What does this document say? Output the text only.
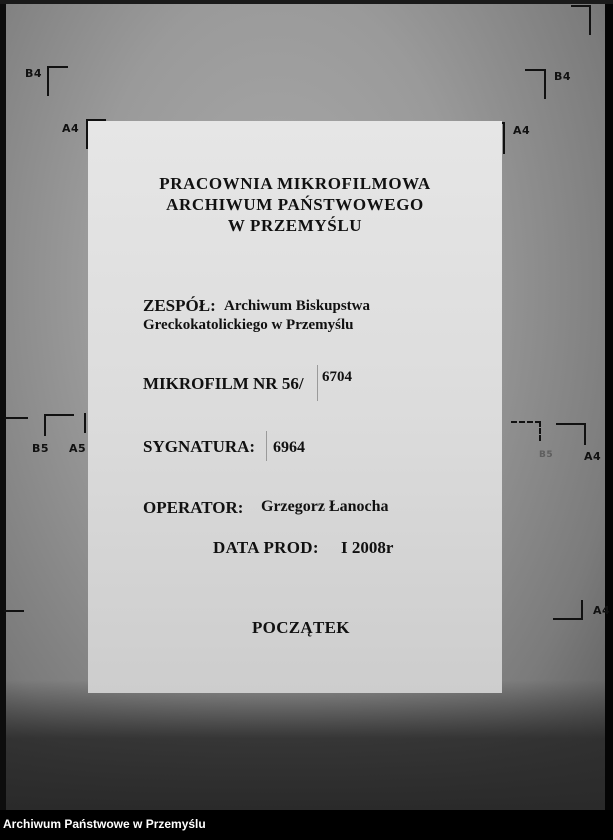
B4	B4
A4	A4
B5 A5	B5	A4
A4
PRACOWNIA MIKROFILMOWA
ARCHIWUM PAŃSTWOWEGO
W PRZEMYŚLU
ZESPÓŁ: Archiwum Biskupstwa
Greckokatolickiego w Przemyślu
MIKROFILM NR 56/ 6704
SYGNATURA: 6964
OPERATOR: Grzegorz Łanocha
DATA PROD: I 2008r
POCZĄTEK
Archiwum Państwowe w Przemyślu
